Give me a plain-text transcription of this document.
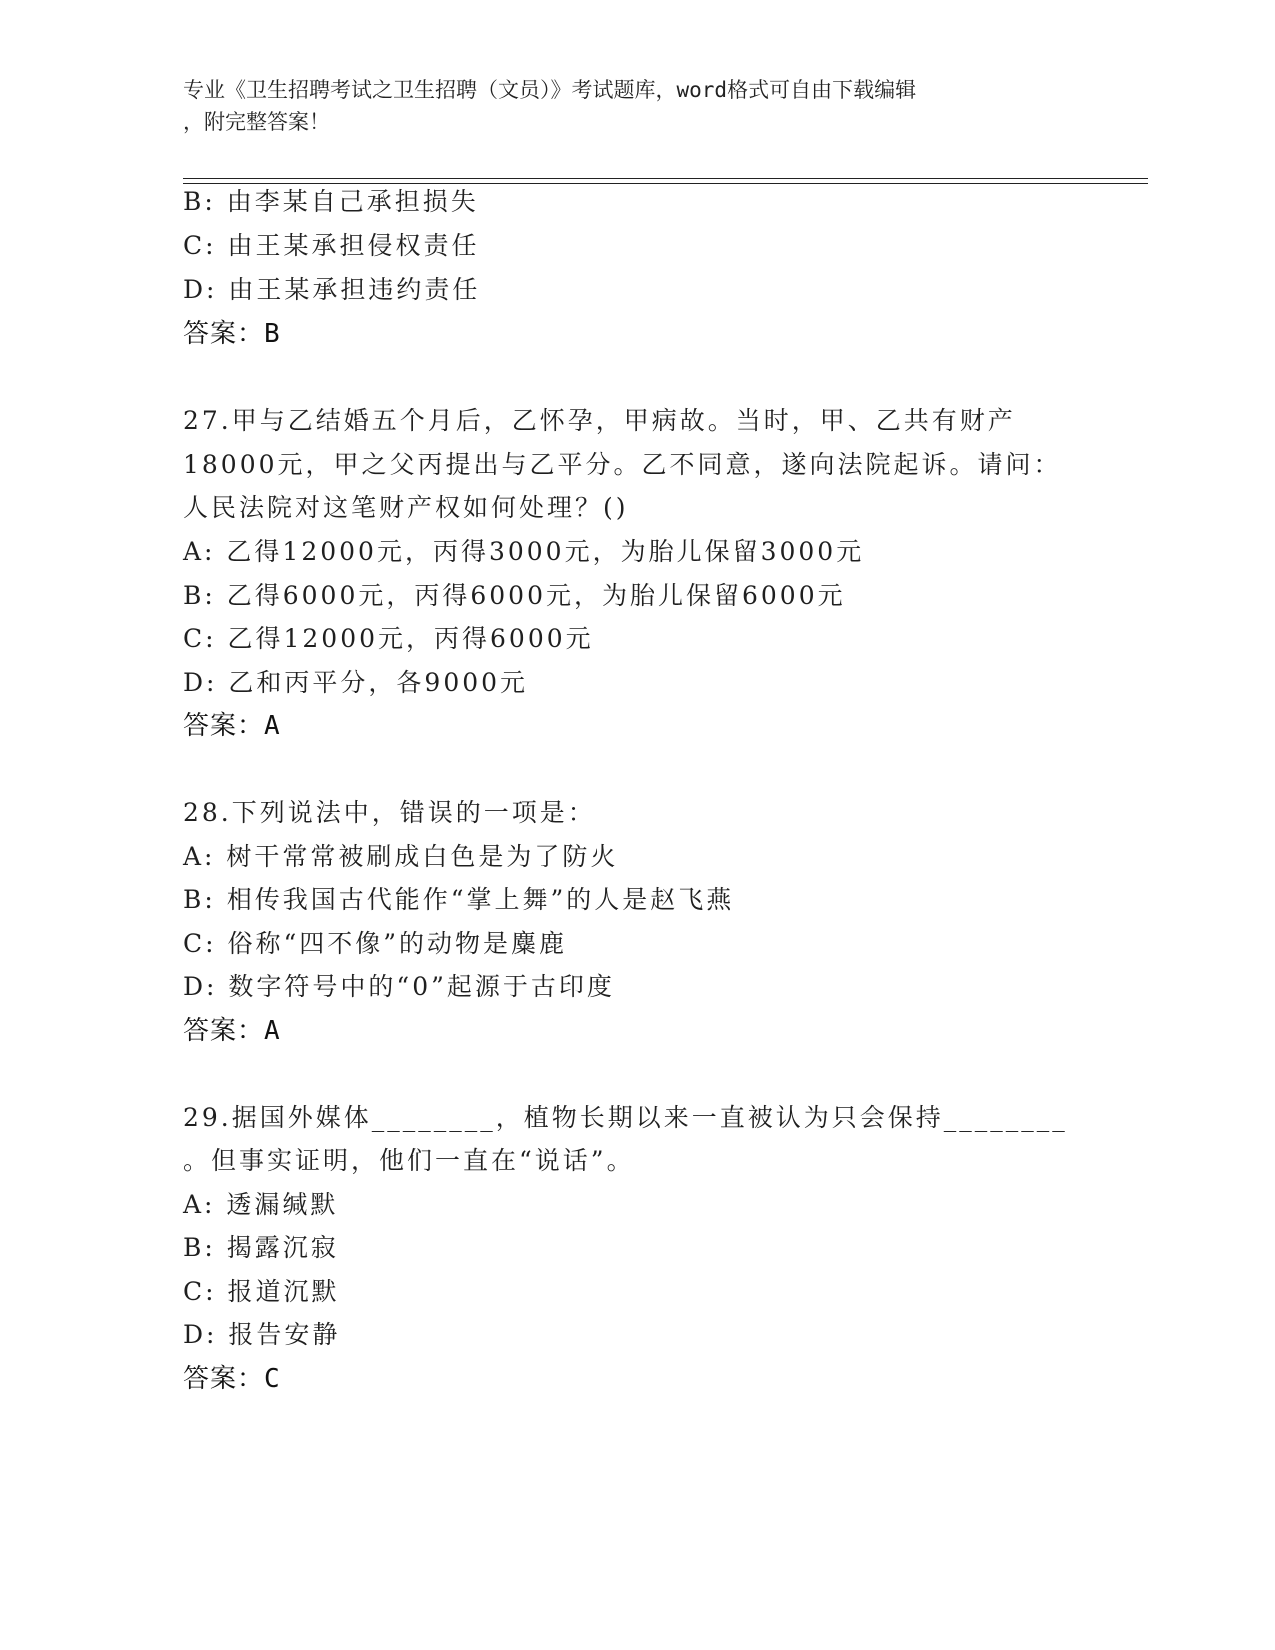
专业《卫生招聘考试之卫生招聘（文员）》考试题库，word格式可自由下载编辑
，附完整答案！
B: 由李某自己承担损失
C: 由王某承担侵权责任
D: 由王某承担违约责任
答案：B
27.甲与乙结婚五个月后，乙怀孕，甲病故。当时，甲、乙共有财产
18000元，甲之父丙提出与乙平分。乙不同意，遂向法院起诉。请问：
人民法院对这笔财产权如何处理？()
A: 乙得12000元，丙得3000元，为胎儿保留3000元
B: 乙得6000元，丙得6000元，为胎儿保留6000元
C: 乙得12000元，丙得6000元
D: 乙和丙平分，各9000元
答案：A
28.下列说法中，错误的一项是：
A: 树干常常被刷成白色是为了防火
B: 相传我国古代能作“掌上舞”的人是赵飞燕
C: 俗称“四不像”的动物是麋鹿
D: 数字符号中的“0”起源于古印度
答案：A
29.据国外媒体________，植物长期以来一直被认为只会保持________
。但事实证明，他们一直在“说话”。
A: 透漏缄默
B: 揭露沉寂
C: 报道沉默
D: 报告安静
答案：C
